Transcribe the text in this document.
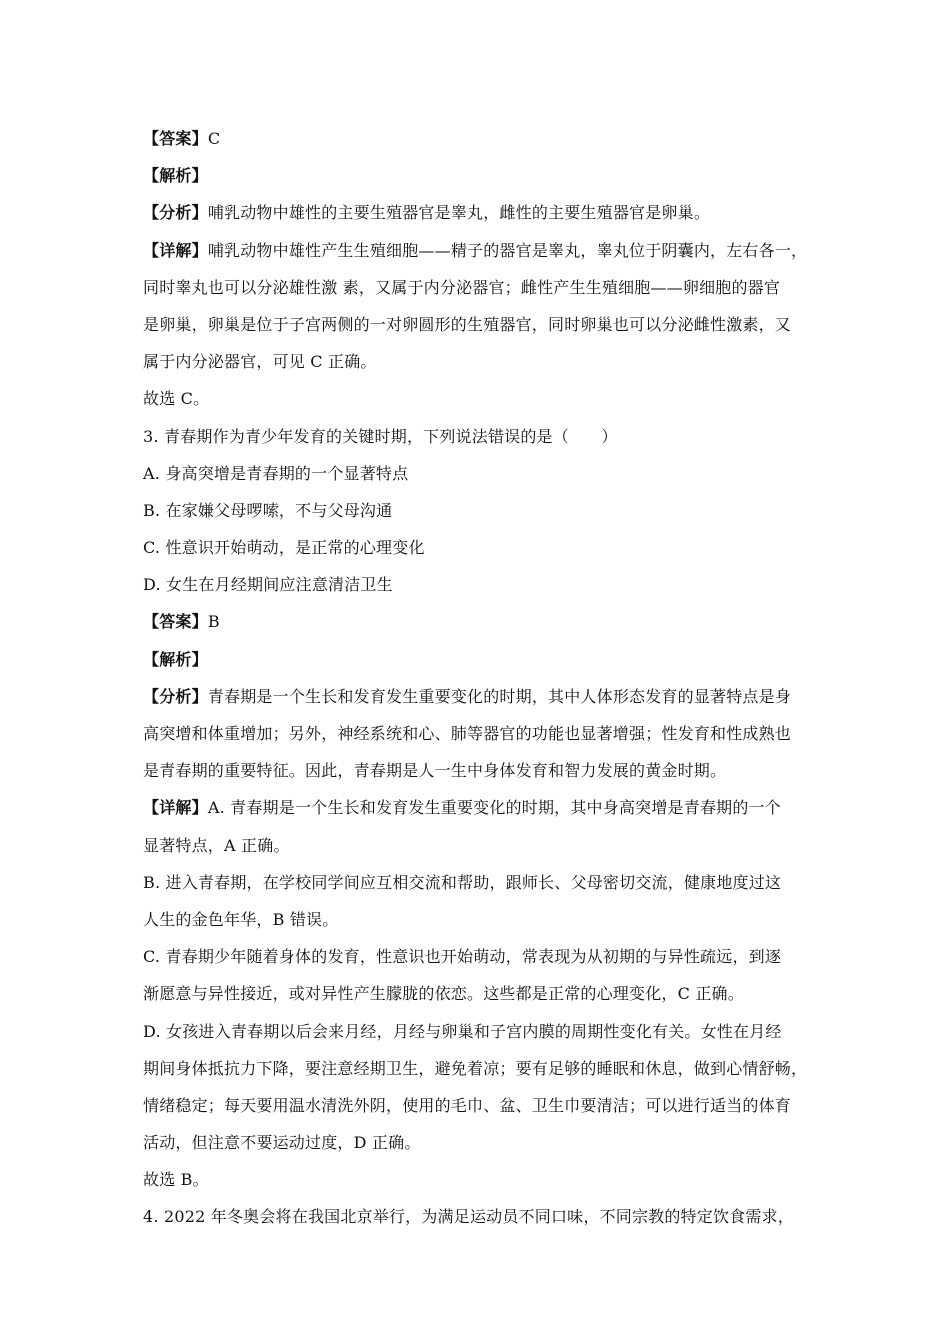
【答案】C
【解析】
【分析】哺乳动物中雄性的主要生殖器官是睾丸，雌性的主要生殖器官是卵巢。
【详解】哺乳动物中雄性产生生殖细胞——精子的器官是睾丸，睾丸位于阴囊内，左右各一，
同时睾丸也可以分泌雄性激 素，又属于内分泌器官；雌性产生生殖细胞——卵细胞的器官
是卵巢，卵巢是位于子宫两侧的一对卵圆形的生殖器官，同时卵巢也可以分泌雌性激素，又
属于内分泌器官，可见 C 正确。
故选 C。
3. 青春期作为青少年发育的关键时期，下列说法错误的是（　　）
A. 身高突增是青春期的一个显著特点
B. 在家嫌父母啰嗦，不与父母沟通
C. 性意识开始萌动，是正常的心理变化
D. 女生在月经期间应注意清洁卫生
【答案】B
【解析】
【分析】青春期是一个生长和发育发生重要变化的时期，其中人体形态发育的显著特点是身
高突增和体重增加；另外，神经系统和心、肺等器官的功能也显著增强；性发育和性成熟也
是青春期的重要特征。因此，青春期是人一生中身体发育和智力发展的黄金时期。
【详解】A. 青春期是一个生长和发育发生重要变化的时期，其中身高突增是青春期的一个
显著特点，A 正确。
B. 进入青春期，在学校同学间应互相交流和帮助，跟师长、父母密切交流，健康地度过这
人生的金色年华，B 错误。
C. 青春期少年随着身体的发育，性意识也开始萌动，常表现为从初期的与异性疏远，到逐
渐愿意与异性接近，或对异性产生朦胧的依恋。这些都是正常的心理变化，C 正确。
D. 女孩进入青春期以后会来月经，月经与卵巢和子宫内膜的周期性变化有关。女性在月经
期间身体抵抗力下降，要注意经期卫生，避免着凉；要有足够的睡眠和休息，做到心情舒畅，
情绪稳定；每天要用温水清洗外阴，使用的毛巾、盆、卫生巾要清洁；可以进行适当的体育
活动，但注意不要运动过度，D 正确。
故选 B。
4. 2022 年冬奥会将在我国北京举行，为满足运动员不同口味，不同宗教的特定饮食需求，
